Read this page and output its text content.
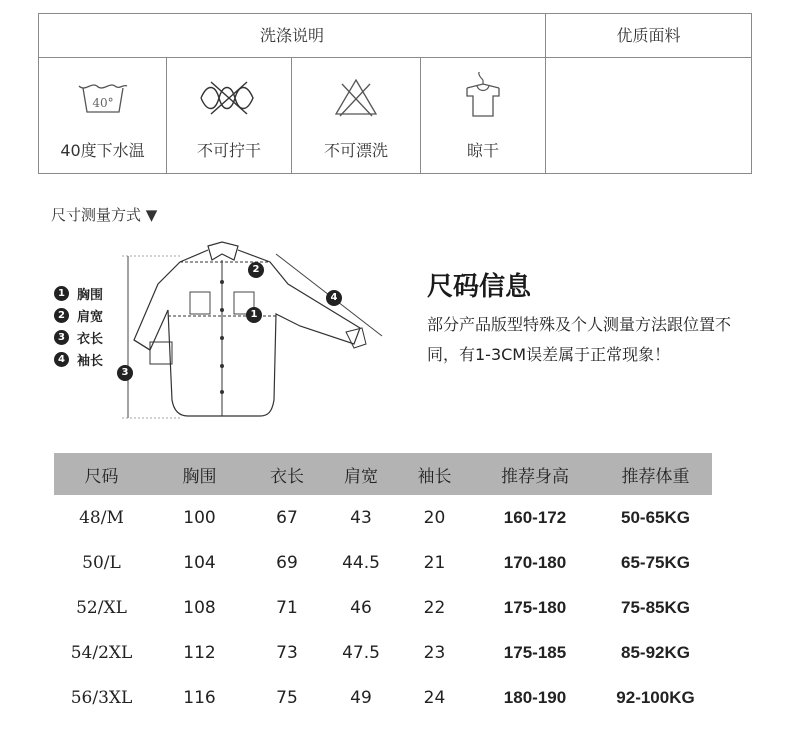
洗涤说明	优质面料
40°
40度下水温	不可拧干	不可漂洗	晾干
尺寸测量方式 ▼
1 胸围
2 肩宽
3 衣长
4 袖长
2
1
3
4	尺码信息
部分产品版型特殊及个人测量方法跟位置不同，有1-3CM误差属于正常现象！
尺码	胸围	衣长	肩宽	袖长	推荐身高	推荐体重
48/M	100	67	43	20	160-172	50-65KG
50/L	104	69	44.5	21	170-180	65-75KG
52/XL	108	71	46	22	175-180	75-85KG
54/2XL	112	73	47.5	23	175-185	85-92KG
56/3XL	116	75	49	24	180-190	92-100KG
